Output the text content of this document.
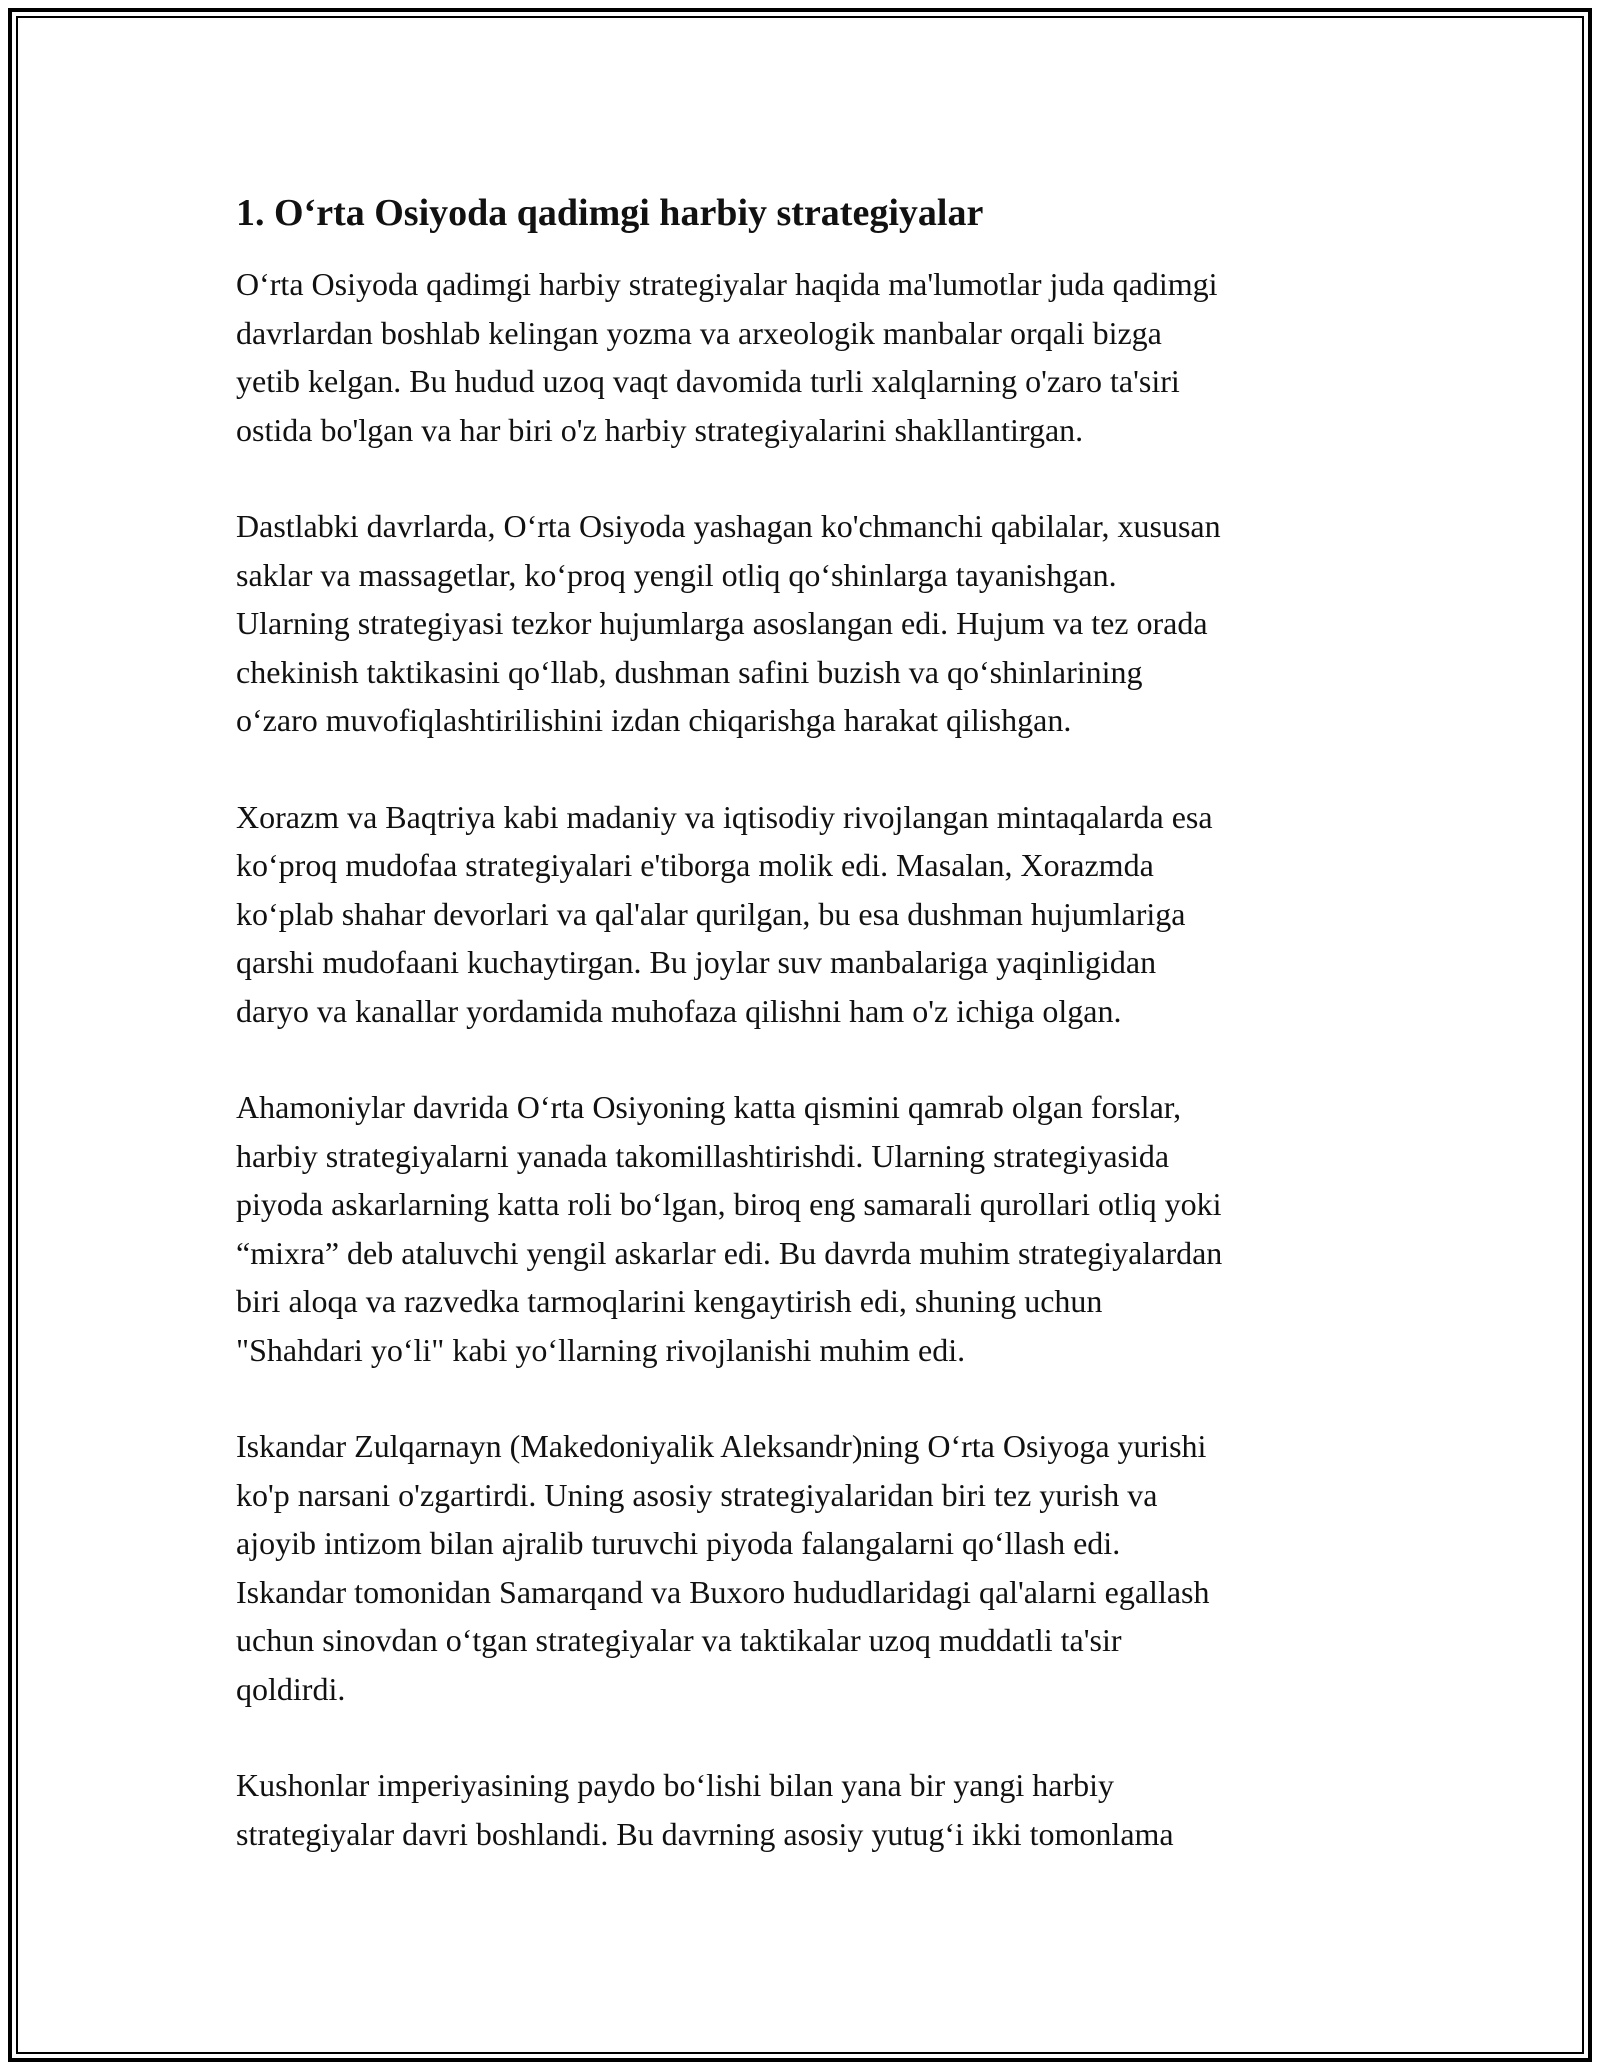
1. O‘rta Osiyoda qadimgi harbiy strategiyalar

O‘rta Osiyoda qadimgi harbiy strategiyalar haqida ma'lumotlar juda qadimgi
davrlardan boshlab kelingan yozma va arxeologik manbalar orqali bizga
yetib kelgan. Bu hudud uzoq vaqt davomida turli xalqlarning o'zaro ta'siri
ostida bo'lgan va har biri o'z harbiy strategiyalarini shakllantirgan.

Dastlabki davrlarda, O‘rta Osiyoda yashagan ko'chmanchi qabilalar, xususan
saklar va massagetlar, ko‘proq yengil otliq qo‘shinlarga tayanishgan.
Ularning strategiyasi tezkor hujumlarga asoslangan edi. Hujum va tez orada
chekinish taktikasini qo‘llab, dushman safini buzish va qo‘shinlarining
o‘zaro muvofiqlashtirilishini izdan chiqarishga harakat qilishgan.

Xorazm va Baqtriya kabi madaniy va iqtisodiy rivojlangan mintaqalarda esa
ko‘proq mudofaa strategiyalari e'tiborga molik edi. Masalan, Xorazmda
ko‘plab shahar devorlari va qal'alar qurilgan, bu esa dushman hujumlariga
qarshi mudofaani kuchaytirgan. Bu joylar suv manbalariga yaqinligidan
daryo va kanallar yordamida muhofaza qilishni ham o'z ichiga olgan.

Ahamoniylar davrida O‘rta Osiyoning katta qismini qamrab olgan forslar,
harbiy strategiyalarni yanada takomillashtirishdi. Ularning strategiyasida
piyoda askarlarning katta roli bo‘lgan, biroq eng samarali qurollari otliq yoki
“mixra” deb ataluvchi yengil askarlar edi. Bu davrda muhim strategiyalardan
biri aloqa va razvedka tarmoqlarini kengaytirish edi, shuning uchun
"Shahdari yo‘li" kabi yo‘llarning rivojlanishi muhim edi.

Iskandar Zulqarnayn (Makedoniyalik Aleksandr)ning O‘rta Osiyoga yurishi
ko'p narsani o'zgartirdi. Uning asosiy strategiyalaridan biri tez yurish va
ajoyib intizom bilan ajralib turuvchi piyoda falangalarni qo‘llash edi.
Iskandar tomonidan Samarqand va Buxoro hududlaridagi qal'alarni egallash
uchun sinovdan o‘tgan strategiyalar va taktikalar uzoq muddatli ta'sir
qoldirdi.

Kushonlar imperiyasining paydo bo‘lishi bilan yana bir yangi harbiy
strategiyalar davri boshlandi. Bu davrning asosiy yutug‘i ikki tomonlama
